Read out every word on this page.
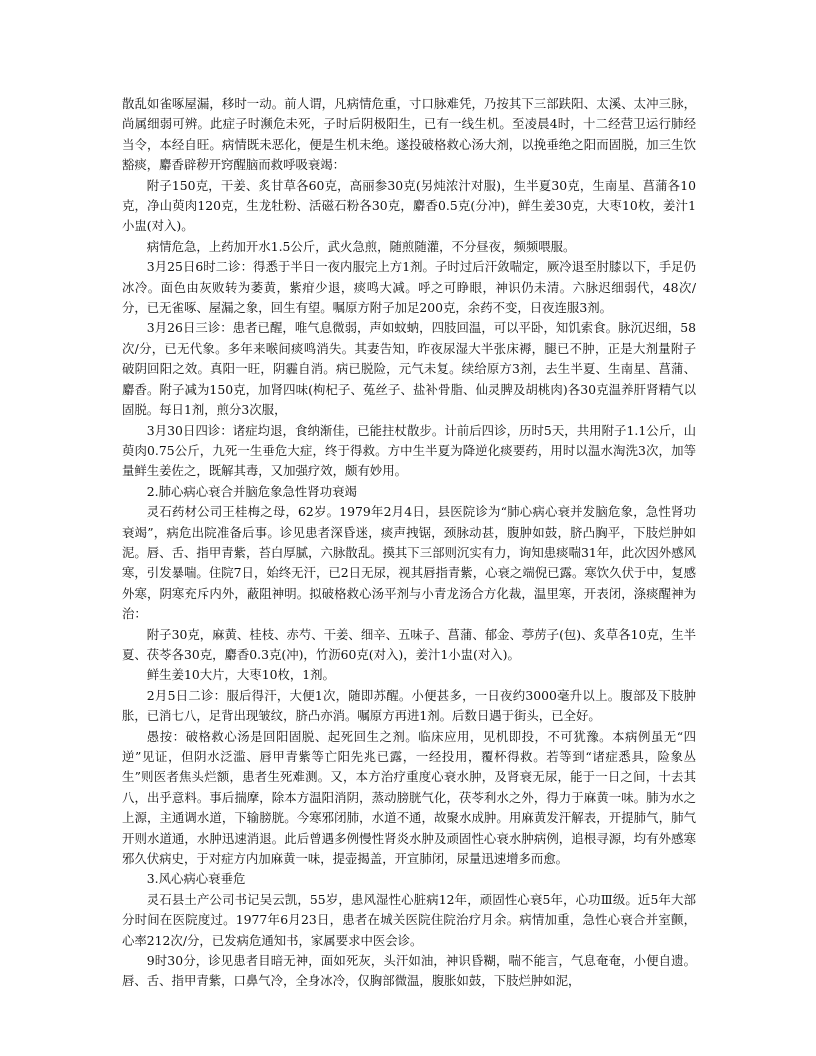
散乱如雀啄屋漏，移时一动。前人谓，凡病情危重，寸口脉难凭，乃按其下三部趺阳、太溪、太冲三脉，尚属细弱可辨。此症子时濒危未死，子时后阴极阳生，已有一线生机。至凌晨4时，十二经营卫运行肺经当令，本经自旺。病情既未恶化，便是生机未绝。遂投破格救心汤大剂，以挽垂绝之阳而固脱，加三生饮豁痰，麝香辟秽开窍醒脑而救呼吸衰竭：

附子150克，干姜、炙甘草各60克，高丽参30克(另炖浓汁对服)，生半夏30克，生南星、菖蒲各10克，净山萸肉120克，生龙牡粉、活磁石粉各30克，麝香0.5克(分冲)，鲜生姜30克，大枣10枚，姜汁1小盅(对入)。

病情危急，上药加开水1.5公斤，武火急煎，随煎随灌，不分昼夜，频频喂服。

3月25日6时二诊：得悉于半日一夜内服完上方1剂。子时过后汗敛喘定，厥冷退至肘膝以下，手足仍冰冷。面色由灰败转为萎黄，紫疳少退，痰鸣大减。呼之可睁眼，神识仍未清。六脉迟细弱代，48次/分，已无雀啄、屋漏之象，回生有望。嘱原方附子加足200克，余药不变，日夜连服3剂。

3月26日三诊：患者已醒，唯气息微弱，声如蚊蚋，四肢回温，可以平卧，知饥索食。脉沉迟细，58次/分，已无代象。多年来喉间痰鸣消失。其妻告知，昨夜尿湿大半张床褥，腿已不肿，正是大剂量附子破阴回阳之效。真阳一旺，阴霾自消。病已脱险，元气未复。续给原方3剂，去生半夏、生南星、菖蒲、麝香。附子减为150克，加肾四味(枸杞子、菟丝子、盐补骨脂、仙灵脾及胡桃肉)各30克温养肝肾精气以固脱。每日1剂，煎分3次服，

3月30日四诊：诸症均退，食纳渐佳，已能拄杖散步。计前后四诊，历时5天，共用附子1.1公斤，山萸肉0.75公斤，九死一生垂危大症，终于得救。方中生半夏为降逆化痰要药，用时以温水淘洗3次，加等量鲜生姜佐之，既解其毒，又加强疗效，颇有妙用。

2.肺心病心衰合并脑危象急性肾功衰竭

灵石药材公司王桂梅之母，62岁。1979年2月4日，县医院诊为“肺心病心衰并发脑危象，急性肾功衰竭”，病危出院准备后事。诊见患者深昏迷，痰声拽锯，颈脉动甚，腹肿如鼓，脐凸胸平，下肢烂肿如泥。唇、舌、指甲青紫，苔白厚腻，六脉散乱。摸其下三部则沉实有力，询知患痰喘31年，此次因外感风寒，引发暴喘。住院7日，始终无汗，已2日无尿，视其唇指青紫，心衰之端倪已露。寒饮久伏于中，复感外寒，阴寒充斥内外，蔽阻神明。拟破格救心汤平剂与小青龙汤合方化裁，温里寒，开表闭，涤痰醒神为治：

附子30克，麻黄、桂枝、赤芍、干姜、细辛、五味子、菖蒲、郁金、葶苈子(包)、炙草各10克，生半夏、茯苓各30克，麝香0.3克(冲)，竹沥60克(对入)，姜汁1小盅(对入)。

鲜生姜10大片，大枣10枚，1剂。

2月5日二诊：服后得汗，大便1次，随即苏醒。小便甚多，一日夜约3000毫升以上。腹部及下肢肿胀，已消七八，足背出现皱纹，脐凸亦消。嘱原方再进1剂。后数日遇于街头，已全好。

愚按：破格救心汤是回阳固脱、起死回生之剂。临床应用，见机即投，不可犹豫。本病例虽无“四逆”见证，但阴水泛滥、唇甲青紫等亡阳先兆已露，一经投用，覆杯得救。若等到“诸症悉具，险象丛生”则医者焦头烂额，患者生死难测。又，本方治疗重度心衰水肿，及肾衰无尿，能于一日之间，十去其八，出乎意料。事后揣摩，除本方温阳消阴，蒸动膀胱气化，茯苓利水之外，得力于麻黄一味。肺为水之上源，主通调水道，下输膀胱。今寒邪闭肺，水道不通，故聚水成肿。用麻黄发汗解表，开提肺气，肺气开则水道通，水肿迅速消退。此后曾遇多例慢性肾炎水肿及顽固性心衰水肿病例，追根寻源，均有外感寒邪久伏病史，于对症方内加麻黄一味，提壶揭盖，开宣肺闭，尿量迅速增多而愈。

3.风心病心衰垂危

灵石县土产公司书记吴云凯，55岁，患风湿性心脏病12年，顽固性心衰5年，心功Ⅲ级。近5年大部分时间在医院度过。1977年6月23日，患者在城关医院住院治疗月余。病情加重，急性心衰合并室颤，心率212次/分，已发病危通知书，家属要求中医会诊。

9时30分，诊见患者目暗无神，面如死灰，头汗如油，神识昏糊，喘不能言，气息奄奄，小便自遗。唇、舌、指甲青紫，口鼻气冷，全身冰冷，仅胸部微温，腹胀如鼓，下肢烂肿如泥，
